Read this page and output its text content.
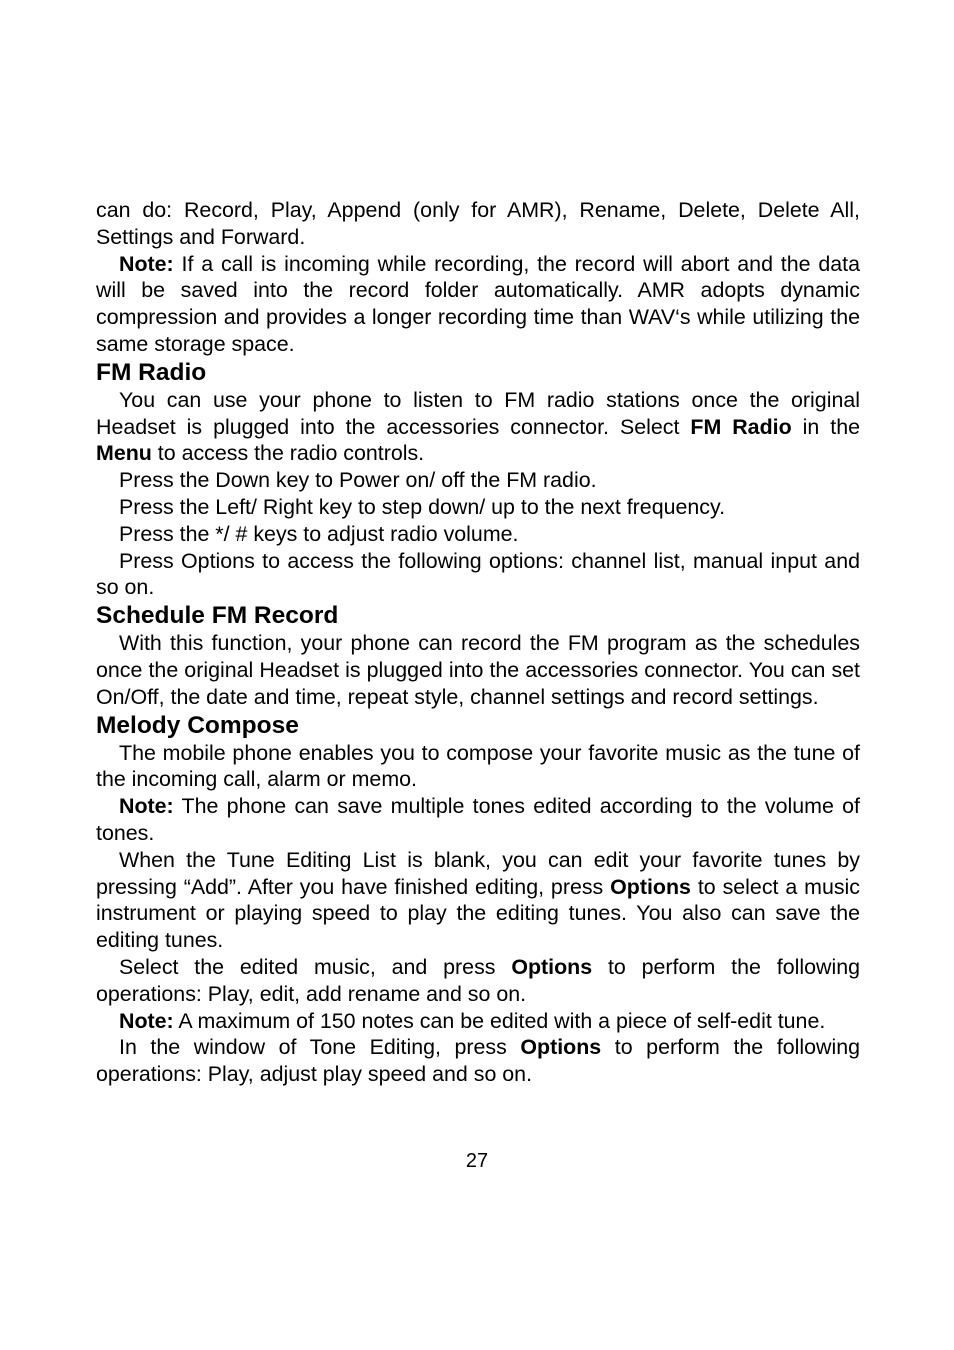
can do: Record, Play, Append (only for AMR), Rename, Delete, Delete All, Settings and Forward.

Note: If a call is incoming while recording, the record will abort and the data will be saved into the record folder automatically. AMR adopts dynamic compression and provides a longer recording time than WAV‘s while utilizing the same storage space.

FM Radio

You can use your phone to listen to FM radio stations once the original Headset is plugged into the accessories connector. Select FM Radio in the Menu to access the radio controls.

Press the Down key to Power on/ off the FM radio.

Press the Left/ Right key to step down/ up to the next frequency.

Press the */ # keys to adjust radio volume.

Press Options to access the following options: channel list, manual input and so on.

Schedule FM Record

With this function, your phone can record the FM program as the schedules once the original Headset is plugged into the accessories connector. You can set On/Off, the date and time, repeat style, channel settings and record settings.

Melody Compose

The mobile phone enables you to compose your favorite music as the tune of the incoming call, alarm or memo.

Note: The phone can save multiple tones edited according to the volume of tones.

When the Tune Editing List is blank, you can edit your favorite tunes by pressing “Add”. After you have finished editing, press Options to select a music instrument or playing speed to play the editing tunes. You also can save the editing tunes.

Select the edited music, and press Options to perform the following operations: Play, edit, add rename and so on.

Note: A maximum of 150 notes can be edited with a piece of self-edit tune.

In the window of Tone Editing, press Options to perform the following operations: Play, adjust play speed and so on.

27
